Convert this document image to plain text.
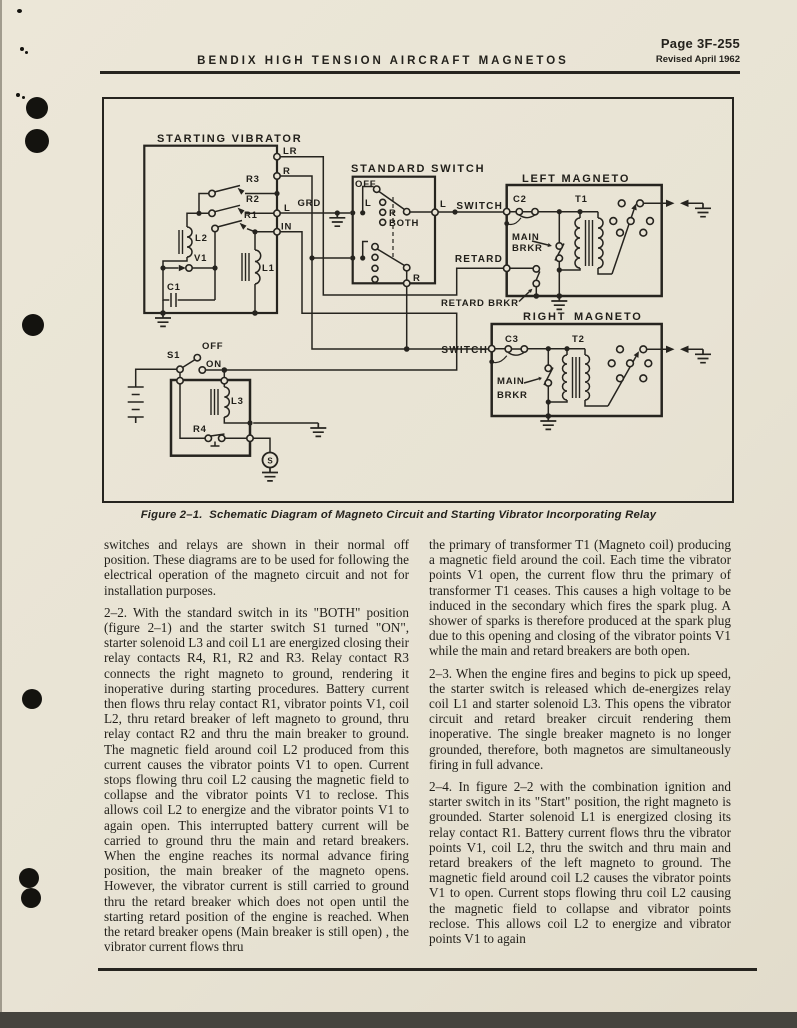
BENDIX HIGH TENSION AIRCRAFT MAGNETOS
Page 3F-255
Revised April 1962
STARTING VIBRATOR
LR
R
L
IN
R3
R2
R1
L2
V1
C1
L1
STANDARD SWITCH
GRD
OFF
L
R
BOTH
L
R
SWITCH
LEFT MAGNETO
C2	T1
MAIN
BRKR
RETARD
RETARD BRKR
RIGHT MAGNETO
SWITCH
C3	T2
MAIN
BRKR
S1
OFF
ON
L3
R4
S
Figure 2–1.  Schematic Diagram of Magneto Circuit and Starting Vibrator Incorporating Relay

switches and relays are shown in their normal off position. These diagrams are to be used for following the electrical operation of the magneto circuit and not for installation purposes.

2–2. With the standard switch in its "BOTH" position (figure 2–1) and the starter switch S1 turned "ON", starter solenoid L3 and coil L1 are energized closing their relay contacts R4, R1, R2 and R3. Relay contact R3 connects the right magneto to ground, rendering it inoperative during starting procedures. Battery current then flows thru relay contact R1, vibrator points V1, coil L2, thru retard breaker of left magneto to ground, thru relay contact R2 and thru the main breaker to ground. The magnetic field around coil L2 produced from this current causes the vibrator points V1 to open. Current stops flowing thru coil L2 causing the magnetic field to collapse and the vibrator points V1 to reclose. This allows coil L2 to energize and the vibrator points V1 to again open. This interrupted battery current will be carried to ground thru the main and retard breakers. When the engine reaches its normal advance firing position, the main breaker of the magneto opens. However, the vibrator current is still carried to ground thru the retard breaker which does not open until the starting retard position of the engine is reached. When the retard breaker opens (Main breaker is still open) , the vibrator current flows thru

the primary of transformer T1 (Magneto coil) producing a magnetic field around the coil. Each time the vibrator points V1 open, the current flow thru the primary of transformer T1 ceases. This causes a high voltage to be induced in the secondary which fires the spark plug. A shower of sparks is therefore produced at the spark plug due to this opening and closing of the vibrator points V1 while the main and retard breakers are both open.

2–3. When the engine fires and begins to pick up speed, the starter switch is released which de-energizes relay coil L1 and starter solenoid L3. This opens the vibrator circuit and retard breaker circuit rendering them inoperative. The single breaker magneto is no longer grounded, therefore, both magnetos are simultaneously firing in full advance.

2–4. In figure 2–2 with the combination ignition and starter switch in its "Start" position, the right magneto is grounded. Starter solenoid L1 is energized closing its relay contact R1. Battery current flows thru the vibrator points V1, coil L2, thru the switch and thru main and retard breakers of the left magneto to ground. The magnetic field around coil L2 causes the vibrator points V1 to open. Current stops flowing thru coil L2 causing the magnetic field to collapse and vibrator points reclose. This allows coil L2 to energize and vibrator points V1 to again
